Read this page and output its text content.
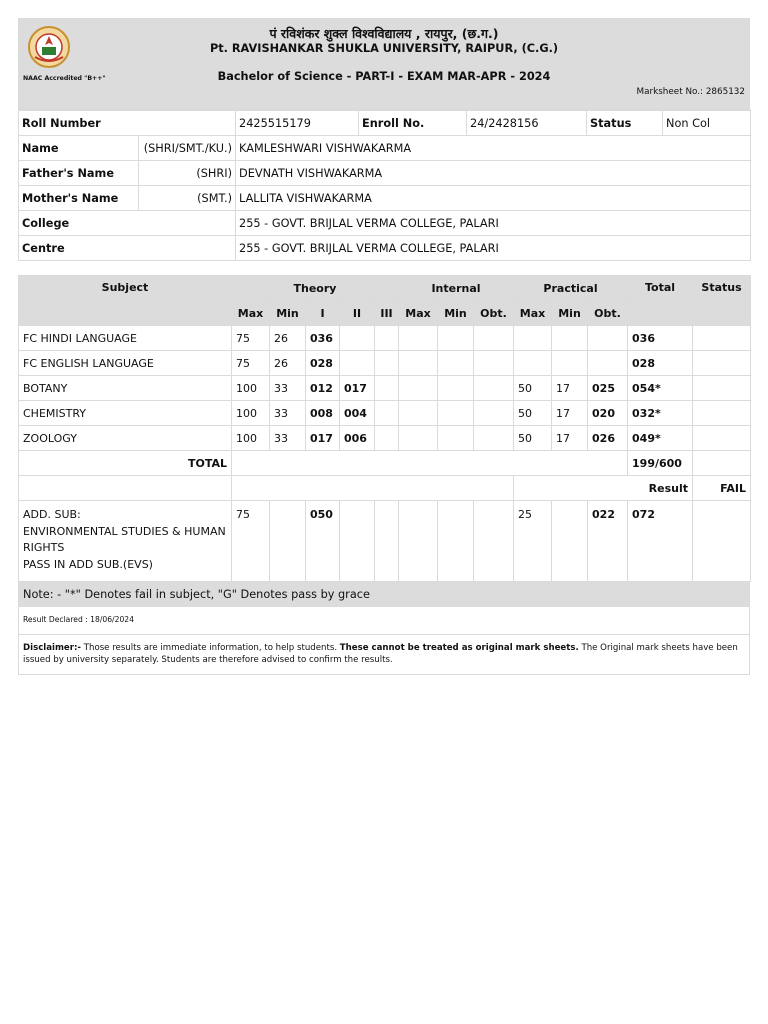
NAAC Accredited "B++"
पं रविशंकर शुक्ल विश्वविद्यालय , रायपुर, (छ.ग.)
Pt. RAVISHANKAR SHUKLA UNIVERSITY, RAIPUR, (C.G.)
Bachelor of Science - PART-I - EXAM MAR-APR - 2024
Marksheet No.: 2865132
Roll Number		2425515179	Enroll No.	24/2428156	Status	Non Col
Name	(SHRI/SMT./KU.)	KAMLESHWARI VISHWAKARMA				
Father's Name	(SHRI)	DEVNATH VISHWAKARMA				
Mother's Name	(SMT.)	LALLITA VISHWAKARMA				
College		255 - GOVT. BRIJLAL VERMA COLLEGE, PALARI				
Centre		255 - GOVT. BRIJLAL VERMA COLLEGE, PALARI				
Subject	Theory					Internal			Practical			Total	Status
	Max	Min	I	II	III	Max	Min	Obt.	Max	Min	Obt.		
FC HINDI LANGUAGE	75	26	036									036	
FC ENGLISH LANGUAGE	75	26	028									028	
BOTANY	100	33	012	017					50	17	025	054*	
CHEMISTRY	100	33	008	004					50	17	020	032*	
ZOOLOGY	100	33	017	006					50	17	026	049*	
TOTAL												199/600	
									Result				FAIL

ADD. SUB:
ENVIRONMENTAL STUDIES & HUMAN RIGHTS
PASS IN ADD SUB.(EVS)	75		050						25		022	072	
Note: - "*" Denotes fail in subject, "G" Denotes pass by grace
Result Declared : 18/06/2024
Disclaimer:- Those results are immediate information, to help students. These cannot be treated as original mark sheets. The Original mark sheets have been issued by university separately. Students are therefore advised to confirm the results.
